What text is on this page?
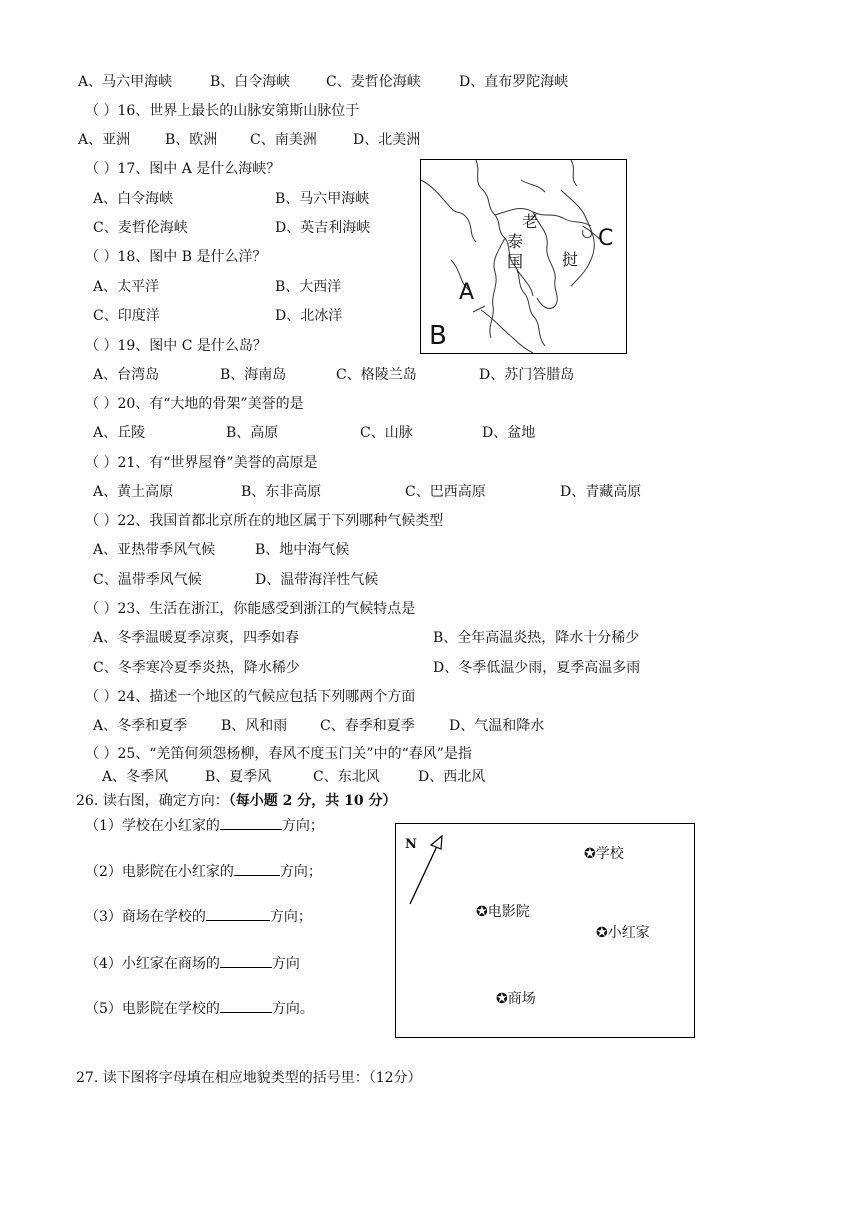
A、马六甲海峡	B、白令海峡	C、麦哲伦海峡	D、直布罗陀海峡
（ ）16、世界上最长的山脉安第斯山脉位于
A、亚洲 B、欧洲 C、南美洲	D、北美洲
（ ）17、图中 A 是什么海峡？
A、白令海峡	B、马六甲海峡
C、麦哲伦海峡	D、英吉利海峡
（ ）18、图中 B 是什么洋？
A、太平洋	B、大西洋
C、印度洋	D、北冰洋
A
B
C
老
挝
泰
国
（ ）19、图中 C 是什么岛？
A、台湾岛	B、海南岛	C、格陵兰岛	D、苏门答腊岛
（ ）20、有“大地的骨架”美誉的是
A、丘陵	B、高原	C、山脉	D、盆地
（ ）21、有“世界屋脊”美誉的高原是
A、黄土高原	B、东非高原	C、巴西高原	D、青藏高原
（ ）22、我国首都北京所在的地区属于下列哪种气候类型
A、亚热带季风气候	B、地中海气候
C、温带季风气候	D、温带海洋性气候
（ ）23、生活在浙江，你能感受到浙江的气候特点是
A、冬季温暖夏季凉爽，四季如春	B、全年高温炎热，降水十分稀少
C、冬季寒冷夏季炎热，降水稀少	D、冬季低温少雨，夏季高温多雨
（ ）24、描述一个地区的气候应包括下列哪两个方面
A、冬季和夏季 B、风和雨 C、春季和夏季 D、气温和降水
（ ）25、“羌笛何须怨杨柳，春风不度玉门关”中的“春风”是指
A、冬季风	B、夏季风	C、东北风	D、西北风
26. 读右图，确定方向：（每小题 2 分，共 10 分）
（1）学校在小红家的	方向；
（2）电影院在小红家的	方向；
（3）商场在学校的	方向；
（4）小红家在商场的	方向
（5）电影院在学校的	方向。
N
✪学校
✪电影院
✪小红家
✪商场
27. 读下图将字母填在相应地貌类型的括号里：（12分）
